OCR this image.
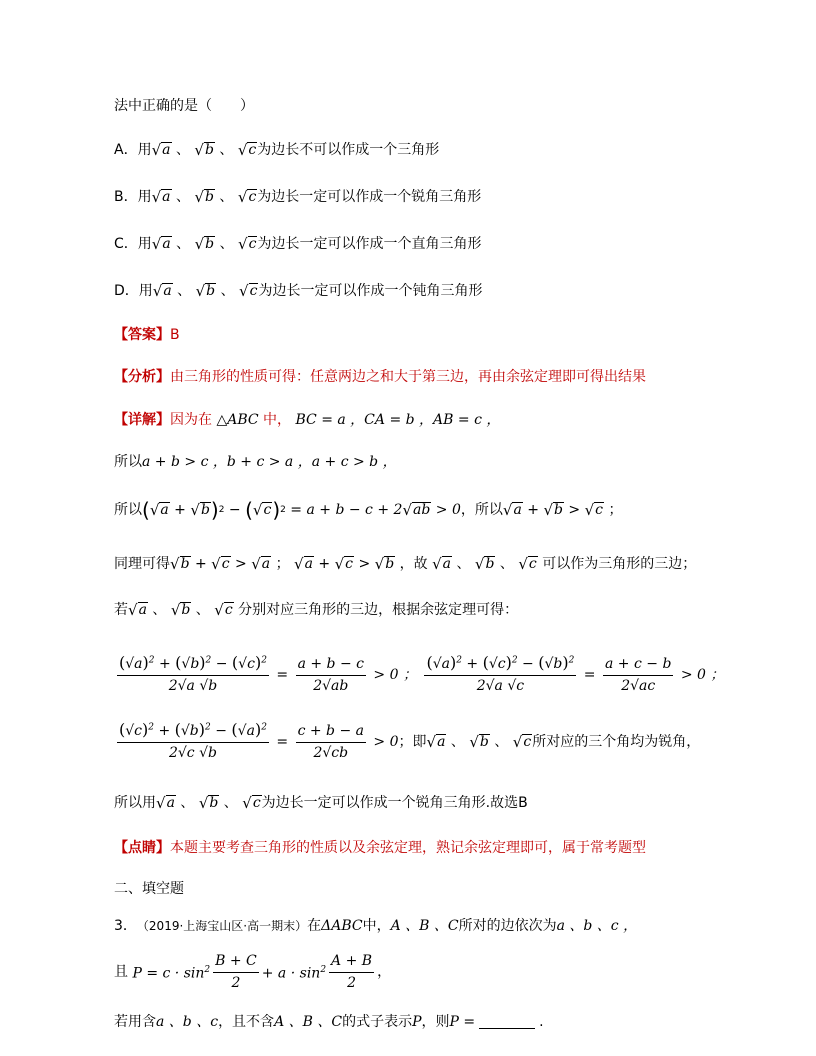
法中正确的是（　　）
A．用 √ a 、 √ b 、 √ c 为边长不可以作成一个三角形
B．用 √ a 、 √ b 、 √ c 为边长一定可以作成一个锐角三角形
C．用 √ a 、 √ b 、 √ c 为边长一定可以作成一个直角三角形
D．用 √ a 、 √ b 、 √ c 为边长一定可以作成一个钝角三角形
【答案】 B
【分析】 由三角形的性质可得：任意两边之和大于第三边，再由余弦定理即可得出结果
【详解】 因为在 △ABC 中， BC = a ，CA = b ，AB = c ，
所以 a + b > c ，b + c > a ，a + c > b ，
所以 ( √ a + √ b ) 2 − ( √ c ) 2 = a + b − c + 2 √ ab > 0 ，所以 √ a + √ b > √ c ；
同理可得 √ b + √ c > √ a ； √ a + √ c > √ b ，故 √ a 、 √ b 、 √ c
可以作为三角形的三边；
若 √ a 、 √ b 、 √ c
分别对应三角形的三边，根据余弦定理可得：
$\frac{(√a)^2 + (√b)^2 - (√c)^2}{2√a √b} = \frac{a + b - c}{2√ab} > 0$ ； $\frac{(√a)^2 + (√c)^2 - (√b)^2}{2√a √c} = \frac{a + c - b}{2√ac} > 0$ ；
$\frac{(√c)^2 + (√b)^2 - (√a)^2}{2√c √b} = \frac{c + b - a}{2√cb} > 0$ ；即 √ a 、 √ b 、 √ c 所对应的三个角均为锐角，
所以用 √ a 、 √ b 、 √ c 为边长一定可以作成一个锐角三角形. 故选B
【点睛】 本题主要考查三角形的性质以及余弦定理，熟记余弦定理即可，属于常考题型
二、填空题
3． （2019·上海宝山区·高一期末） 在 ΔABC 中， A 、B 、C 所对的边依次为 a 、b 、c ，
且 $P = c \cdot \sin^2 \frac{B + C}{2} + a \cdot \sin^2 \frac{A + B}{2}$ ，
若用含 a 、b 、c ，且不含 A 、B 、C 的式子表示 P ，则 P =	.
